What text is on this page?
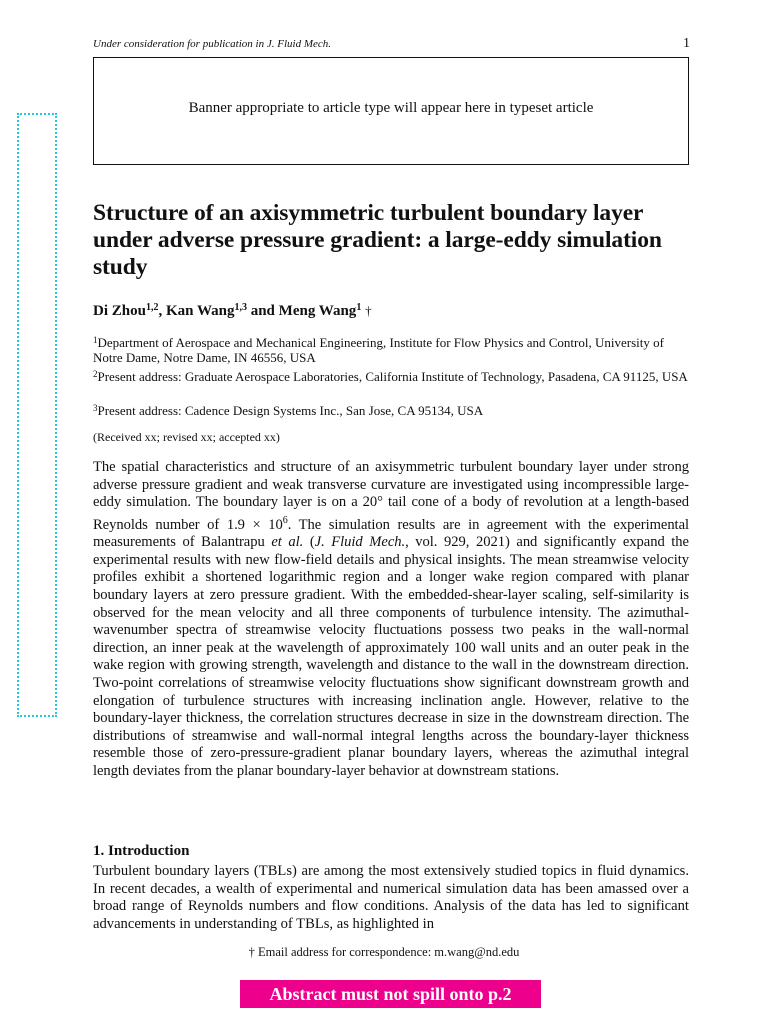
Under consideration for publication in J. Fluid Mech.	1
Banner appropriate to article type will appear here in typeset article
Structure of an axisymmetric turbulent boundary layer under adverse pressure gradient: a large-eddy simulation study
Di Zhou$^{1,2}$, Kan Wang$^{1,3}$ and Meng Wang$^1$ †
$^1$Department of Aerospace and Mechanical Engineering, Institute for Flow Physics and Control, University of Notre Dame, Notre Dame, IN 46556, USA
$^2$Present address: Graduate Aerospace Laboratories, California Institute of Technology, Pasadena, CA 91125, USA
$^3$Present address: Cadence Design Systems Inc., San Jose, CA 95134, USA
(Received xx; revised xx; accepted xx)
The spatial characteristics and structure of an axisymmetric turbulent boundary layer under strong adverse pressure gradient and weak transverse curvature are investigated using incompressible large-eddy simulation. The boundary layer is on a 20° tail cone of a body of revolution at a length-based Reynolds number of $1.9 \times 10^6$. The simulation results are in agreement with the experimental measurements of Balantrapu et al. (J. Fluid Mech., vol. 929, 2021) and significantly expand the experimental results with new flow-field details and physical insights. The mean streamwise velocity profiles exhibit a shortened logarithmic region and a longer wake region compared with planar boundary layers at zero pressure gradient. With the embedded-shear-layer scaling, self-similarity is observed for the mean velocity and all three components of turbulence intensity. The azimuthal-wavenumber spectra of streamwise velocity fluctuations possess two peaks in the wall-normal direction, an inner peak at the wavelength of approximately 100 wall units and an outer peak in the wake region with growing strength, wavelength and distance to the wall in the downstream direction. Two-point correlations of streamwise velocity fluctuations show significant downstream growth and elongation of turbulence structures with increasing inclination angle. However, relative to the boundary-layer thickness, the correlation structures decrease in size in the downstream direction. The distributions of streamwise and wall-normal integral lengths across the boundary-layer thickness resemble those of zero-pressure-gradient planar boundary layers, whereas the azimuthal integral length deviates from the planar boundary-layer behavior at downstream stations.
1. Introduction
Turbulent boundary layers (TBLs) are among the most extensively studied topics in fluid dynamics. In recent decades, a wealth of experimental and numerical simulation data has been amassed over a broad range of Reynolds numbers and flow conditions. Analysis of the data has led to significant advancements in understanding of TBLs, as highlighted in
† Email address for correspondence: m.wang@nd.edu
Abstract must not spill onto p.2
